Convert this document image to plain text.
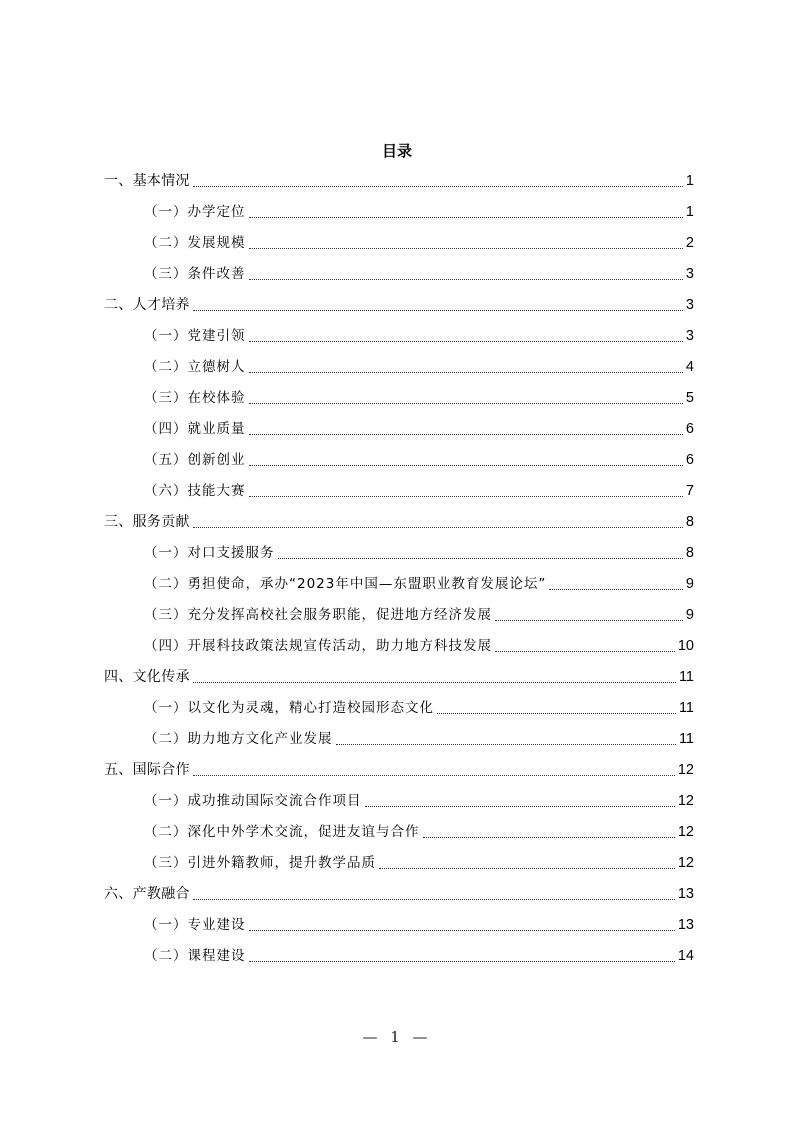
目录
一、基本情况	1
（一）办学定位	1
（二）发展规模	2
（三）条件改善	3
二、人才培养	3
（一）党建引领	3
（二）立德树人	4
（三）在校体验	5
（四）就业质量	6
（五）创新创业	6
（六）技能大赛	7
三、服务贡献	8
（一）对口支援服务	8
（二）勇担使命，承办“2023年中国—东盟职业教育发展论坛”	9
（三）充分发挥高校社会服务职能，促进地方经济发展	9
（四）开展科技政策法规宣传活动，助力地方科技发展	10
四、文化传承	11
（一）以文化为灵魂，精心打造校园形态文化	11
（二）助力地方文化产业发展	11
五、国际合作	12
（一）成功推动国际交流合作项目	12
（二）深化中外学术交流，促进友谊与合作	12
（三）引进外籍教师，提升教学品质	12
六、产教融合	13
（一）专业建设	13
（二）课程建设	14
— 1 —
